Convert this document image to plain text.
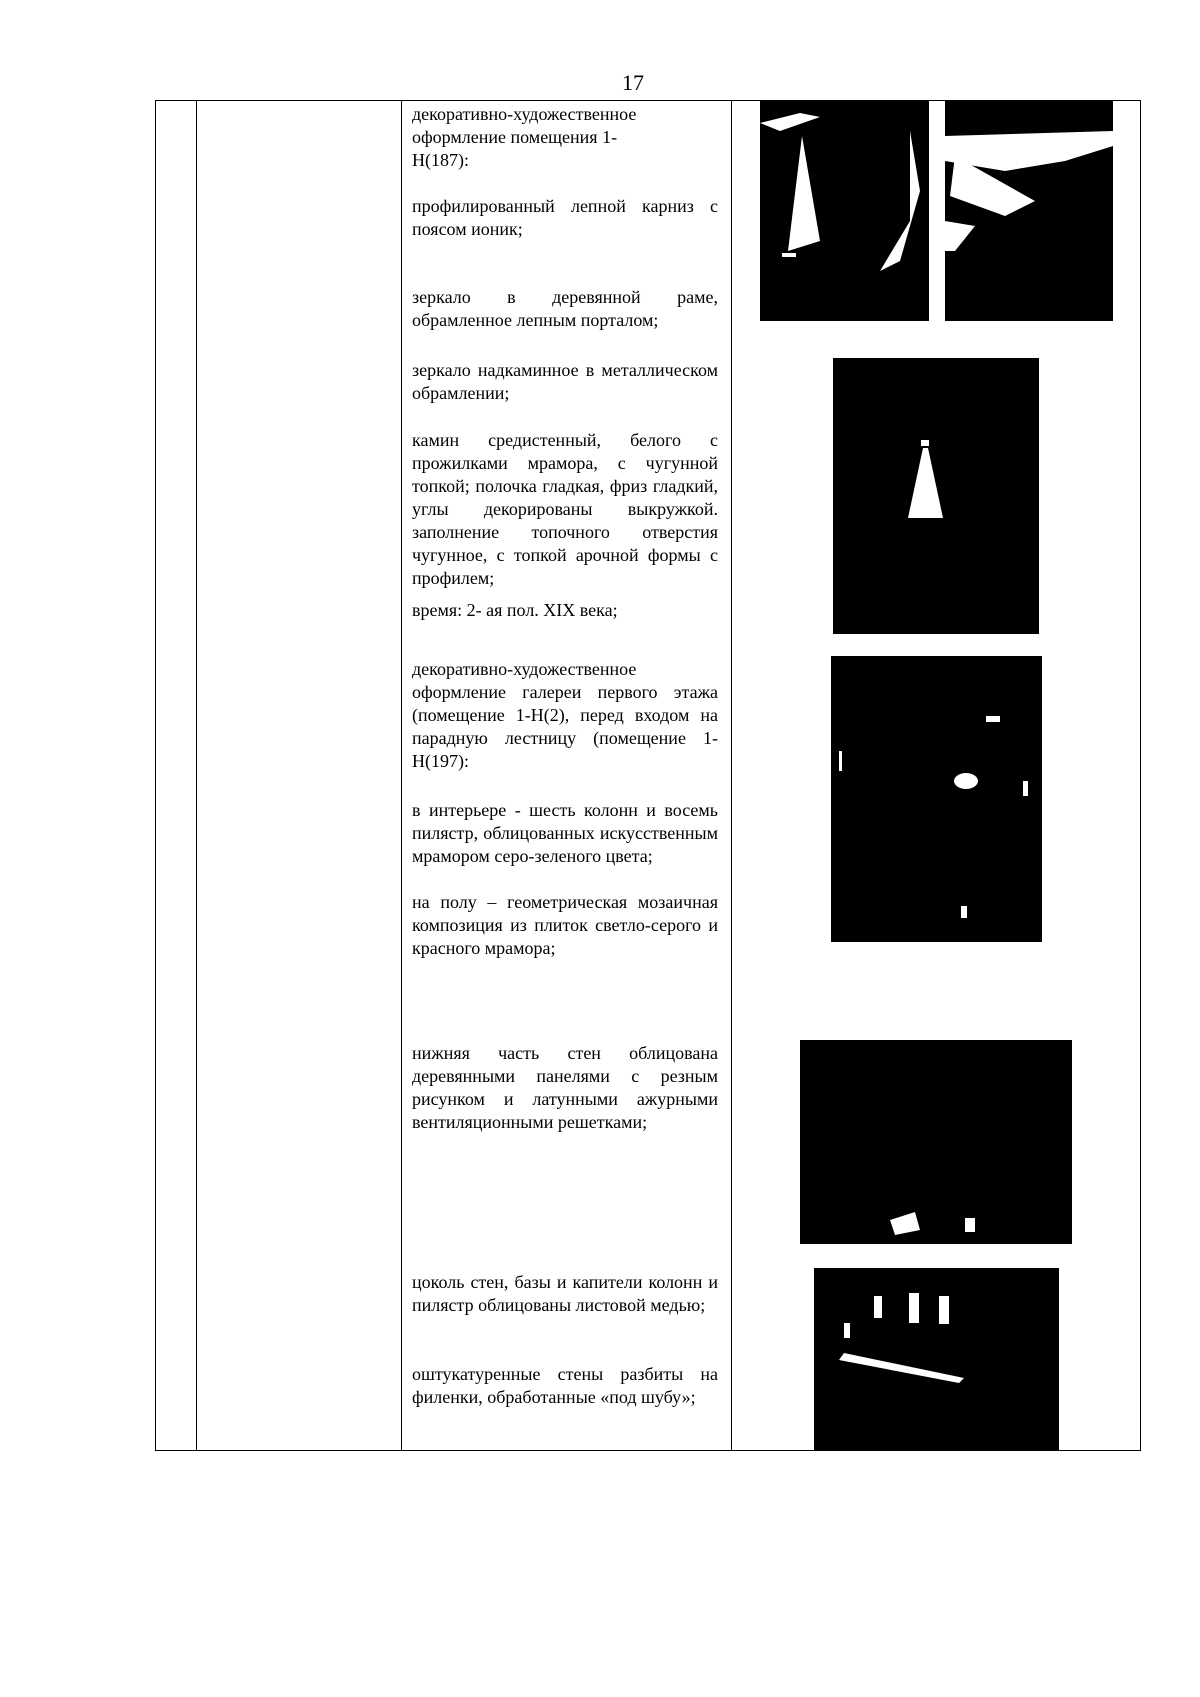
17

декоративно-художественное оформление помещения 1-Н(187):

профилированный лепной карниз с поясом ионик;

зеркало в деревянной раме, обрамленное лепным порталом;

зеркало надкаминное в металлическом обрамлении;

камин средистенный, белого с прожилками мрамора, с чугунной топкой; полочка гладкая, фриз гладкий, углы декорированы выкружкой. заполнение топочного отверстия чугунное, с топкой арочной формы с профилем;

время: 2- ая пол. XIX века;

декоративно-художественное оформление галереи первого этажа (помещение 1-Н(2), перед входом на парадную лестницу (помещение 1-Н(197):

в интерьере - шесть колонн и восемь пилястр, облицованных искусственным мрамором серо-зеленого цвета;

на полу – геометрическая мозаичная композиция из плиток светло-серого и красного мрамора;

нижняя часть стен облицована деревянными панелями с резным рисунком и латунными ажурными вентиляционными решетками;

цоколь стен, базы и капители колонн и пилястр облицованы листовой медью;

оштукатуренные стены разбиты на филенки, обработанные «под шубу»;
